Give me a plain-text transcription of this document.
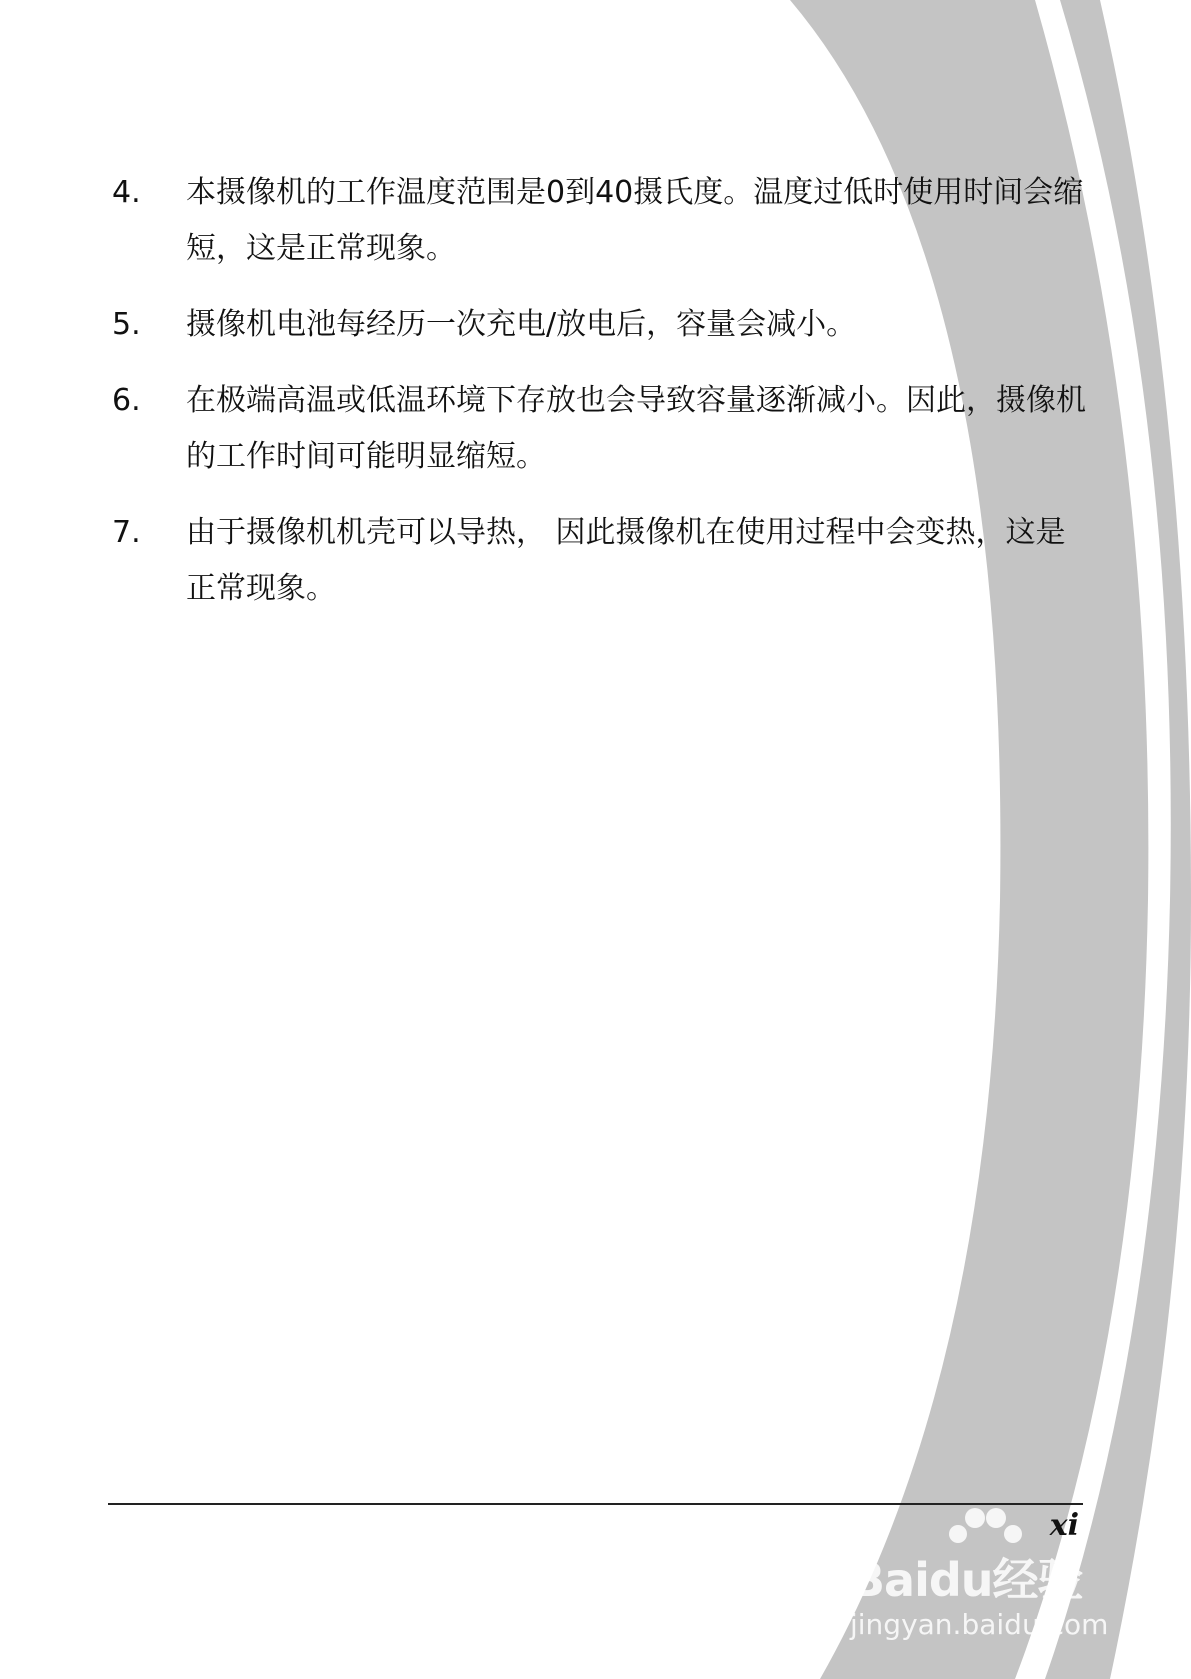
4. 本摄像机的工作温度范围是0到40摄氏度。温度过低时使用时间会缩短，这是正常现象。
5. 摄像机电池每经历一次充电/放电后，容量会减小。
6. 在极端高温或低温环境下存放也会导致容量逐渐减小。因此，摄像机的工作时间可能明显缩短。
7. 由于摄像机机壳可以导热， 因此摄像机在使用过程中会变热，这是正常现象。
xi
Baidu经验
jingyan.baidu.com
